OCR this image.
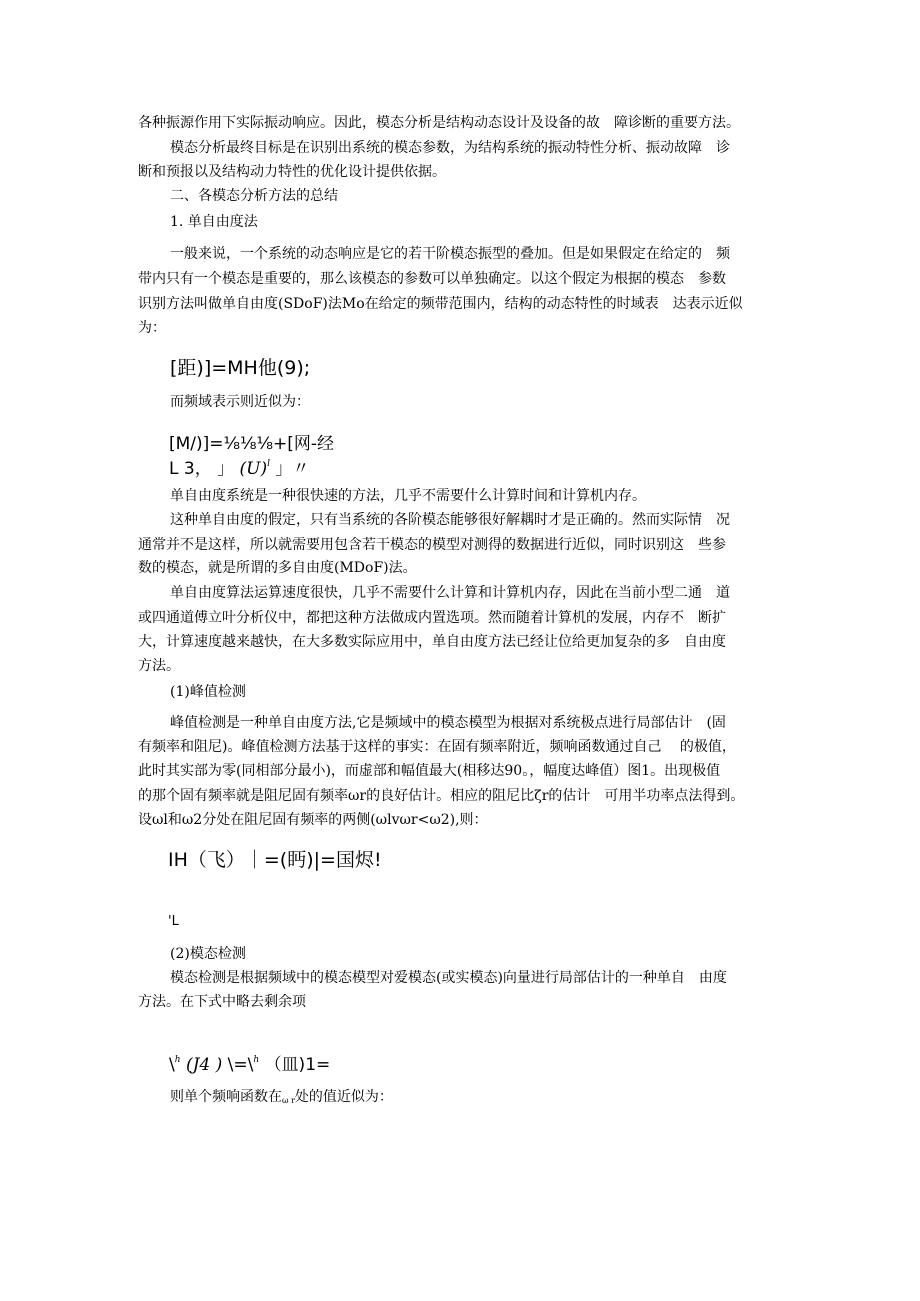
各种振源作用下实际振动响应。因此，模态分析是结构动态设计及设备的故　障诊断的重要方法。
模态分析最终目标是在识别出系统的模态参数，为结构系统的振动特性分析、振动故障　诊
断和预报以及结构动力特性的优化设计提供依据。
二、各模态分析方法的总结
1. 单自由度法
一般来说，一个系统的动态响应是它的若干阶模态振型的叠加。但是如果假定在给定的　频
带内只有一个模态是重要的，那么该模态的参数可以单独确定。以这个假定为根据的模态　参数
识别方法叫做单自由度(SDoF)法Mo在给定的频带范围内，结构的动态特性的时域表　达表示近似
为：
[距)]=MH他(9);
而频域表示则近似为：
[M/)]=⅛⅛⅛+[网-经
L 3， 」 $(U)^l$ 」〃
单自由度系统是一种很快速的方法，几乎不需要什么计算时间和计算机内存。
这种单自由度的假定，只有当系统的各阶模态能够很好解耦时才是正确的。然而实际情　况
通常并不是这样，所以就需要用包含若干模态的模型对测得的数据进行近似，同时识别这　些参
数的模态，就是所谓的多自由度(MDoF)法。
单自由度算法运算速度很快，几乎不需要什么计算和计算机内存，因此在当前小型二通　道
或四通道傅立叶分析仪中，都把这种方法做成内置选项。然而随着计算机的发展，内存不　断扩
大，计算速度越来越快，在大多数实际应用中，单自由度方法已经让位给更加复杂的多　自由度
方法。
(1)峰值检测
峰值检测是一种单自由度方法,它是频域中的模态模型为根据对系统极点进行局部估计　(固
有频率和阻尼)。峰值检测方法基于这样的事实：在固有频率附近，频响函数通过自己　 的极值，
此时其实部为零(同相部分最小)，而虚部和幅值最大(相移达90。，幅度达峰值）图1。出现极值
的那个固有频率就是阻尼固有频率ωr的良好估计。相应的阻尼比ζr的估计　可用半功率点法得到。
设ωl和ω2分处在阻尼固有频率的两侧(ωlvωr<ω2),则：
IH（飞）｜=(眄)|=国烬!
'L
(2)模态检测
模态检测是根据频域中的模态模型对爱模态(或实模态)向量进行局部估计的一种单自　由度
方法。在下式中略去剩余项
\$^h$ (J4 ) \=\$^h$ （皿)1=
则单个频响函数在ω r处的值近似为：
